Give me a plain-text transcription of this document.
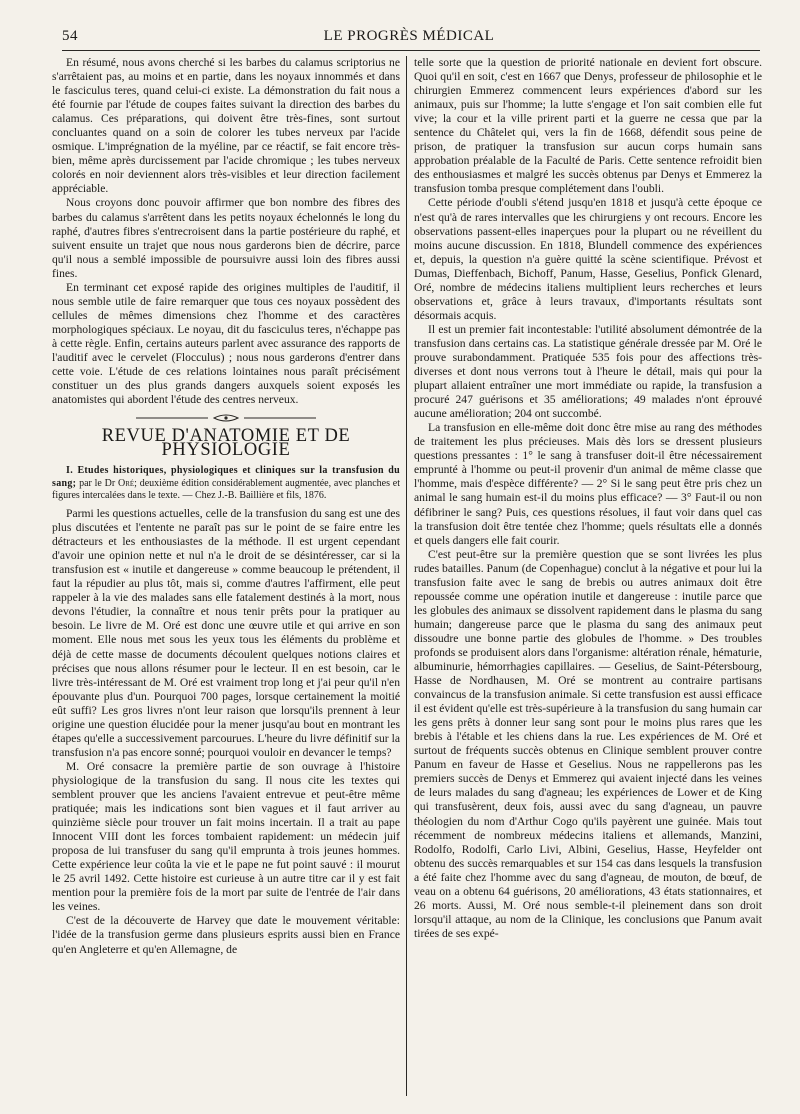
54	LE PROGRÈS MÉDICAL

En résumé, nous avons cherché si les barbes du calamus scriptorius ne s'arrêtaient pas, au moins et en partie, dans les noyaux innommés et dans le fasciculus teres, quand celui-ci existe. La démonstration du fait nous a été fournie par l'étude de coupes faites suivant la direction des barbes du calamus. Ces préparations, qui doivent être très-fines, sont surtout concluantes quand on a soin de colorer les tubes nerveux par l'acide osmique. L'imprégnation de la myéline, par ce réactif, se fait encore très-bien, même après durcissement par l'acide chromique ; les tubes nerveux colorés en noir deviennent alors très-visibles et leur direction facilement appréciable.

Nous croyons donc pouvoir affirmer que bon nombre des fibres des barbes du calamus s'arrêtent dans les petits noyaux échelonnés le long du raphé, d'autres fibres s'entrecroisent dans la partie postérieure du raphé, et suivent ensuite un trajet que nous nous garderons bien de décrire, parce qu'il nous a semblé impossible de poursuivre aussi loin des fibres aussi fines.

En terminant cet exposé rapide des origines multiples de l'auditif, il nous semble utile de faire remarquer que tous ces noyaux possèdent des cellules de mêmes dimensions chez l'homme et des caractères morphologiques spéciaux. Le noyau, dit du fasciculus teres, n'échappe pas à cette règle. Enfin, certains auteurs parlent avec assurance des rapports de l'auditif avec le cervelet (Flocculus) ; nous nous garderons d'entrer dans cette voie. L'étude de ces relations lointaines nous paraît précisément constituer un des plus grands dangers auxquels soient exposés les anatomistes qui abordent l'étude des centres nerveux.

REVUE D'ANATOMIE ET DE PHYSIOLOGIE

I. Etudes historiques, physiologiques et cliniques sur la transfusion du sang; par le Dr Oré; deuxième édition considérablement augmentée, avec planches et figures intercalées dans le texte. — Chez J.-B. Baillière et fils, 1876.

Parmi les questions actuelles, celle de la transfusion du sang est une des plus discutées et l'entente ne paraît pas sur le point de se faire entre les détracteurs et les enthousiastes de la méthode. Il est urgent cependant d'avoir une opinion nette et nul n'a le droit de se désintéresser, car si la transfusion est « inutile et dangereuse » comme beaucoup le prétendent, il faut la répudier au plus tôt, mais si, comme d'autres l'affirment, elle peut rappeler à la vie des malades sans elle fatalement destinés à la mort, nous devons l'étudier, la connaître et nous tenir prêts pour la pratiquer au besoin. Le livre de M. Oré est donc une œuvre utile et qui arrive en son moment. Elle nous met sous les yeux tous les éléments du problème et déjà de cette masse de documents découlent quelques notions claires et précises que nous allons résumer pour le lecteur. Il en est besoin, car le livre très-intéressant de M. Oré est vraiment trop long et j'ai peur qu'il n'en épouvante plus d'un. Pourquoi 700 pages, lorsque certainement la moitié eût suffi? Les gros livres n'ont leur raison que lorsqu'ils prennent à leur origine une question élucidée pour la mener jusqu'au bout en montrant les étapes qu'elle a successivement parcourues. L'heure du livre définitif sur la transfusion n'a pas encore sonné; pourquoi vouloir en devancer le temps?

M. Oré consacre la première partie de son ouvrage à l'histoire physiologique de la transfusion du sang. Il nous cite les textes qui semblent prouver que les anciens l'avaient entrevue et peut-être même pratiquée; mais les indications sont bien vagues et il faut arriver au quinzième siècle pour trouver un fait moins incertain. Il a trait au pape Innocent VIII dont les forces tombaient rapidement: un médecin juif proposa de lui transfuser du sang qu'il emprunta à trois jeunes hommes. Cette expérience leur coûta la vie et le pape ne fut point sauvé : il mourut le 25 avril 1492. Cette histoire est curieuse à un autre titre car il y est fait mention pour la première fois de la mort par suite de l'entrée de l'air dans les veines.

C'est de la découverte de Harvey que date le mouvement véritable: l'idée de la transfusion germe dans plusieurs esprits aussi bien en France qu'en Angleterre et qu'en Allemagne, de

telle sorte que la question de priorité nationale en devient fort obscure. Quoi qu'il en soit, c'est en 1667 que Denys, professeur de philosophie et le chirurgien Emmerez commencent leurs expériences d'abord sur les animaux, puis sur l'homme; la lutte s'engage et l'on sait combien elle fut vive; la cour et la ville prirent parti et la guerre ne cessa que par la sentence du Châtelet qui, vers la fin de 1668, défendit sous peine de prison, de pratiquer la transfusion sur aucun corps humain sans approbation préalable de la Faculté de Paris. Cette sentence refroidit bien des enthousiasmes et malgré les succès obtenus par Denys et Emmerez la transfusion tomba presque complétement dans l'oubli.

Cette période d'oubli s'étend jusqu'en 1818 et jusqu'à cette époque ce n'est qu'à de rares intervalles que les chirurgiens y ont recours. Encore les observations passent-elles inaperçues pour la plupart ou ne réveillent du moins aucune discussion. En 1818, Blundell commence des expériences et, depuis, la question n'a guère quitté la scène scientifique. Prévost et Dumas, Dieffenbach, Bichoff, Panum, Hasse, Geselius, Ponfick Glenard, Oré, nombre de médecins italiens multiplient leurs recherches et leurs observations et, grâce à leurs travaux, d'importants résultats sont désormais acquis.

Il est un premier fait incontestable: l'utilité absolument démontrée de la transfusion dans certains cas. La statistique générale dressée par M. Oré le prouve surabondamment. Pratiquée 535 fois pour des affections très-diverses et dont nous verrons tout à l'heure le détail, mais qui pour la plupart allaient entraîner une mort immédiate ou rapide, la transfusion a procuré 247 guérisons et 35 améliorations; 49 malades n'ont éprouvé aucune amélioration; 204 ont succombé.

La transfusion en elle-même doit donc être mise au rang des méthodes de traitement les plus précieuses. Mais dès lors se dressent plusieurs questions pressantes : 1° le sang à transfuser doit-il être nécessairement emprunté à l'homme ou peut-il provenir d'un animal de même classe que l'homme, mais d'espèce différente? — 2° Si le sang peut être pris chez un animal le sang humain est-il du moins plus efficace? — 3° Faut-il ou non défibriner le sang? Puis, ces questions résolues, il faut voir dans quel cas la transfusion doit être tentée chez l'homme; quels résultats elle a donnés et quels dangers elle fait courir.

C'est peut-être sur la première question que se sont livrées les plus rudes batailles. Panum (de Copenhague) conclut à la négative et pour lui la transfusion faite avec le sang de brebis ou autres animaux doit être repoussée comme une opération inutile et dangereuse : inutile parce que les globules des animaux se dissolvent rapidement dans le plasma du sang humain; dangereuse parce que le plasma du sang des animaux peut dissoudre une bonne partie des globules de l'homme. » Des troubles profonds se produisent alors dans l'organisme: altération rénale, hématurie, albuminurie, hémorrhagies capillaires. — Geselius, de Saint-Pétersbourg, Hasse de Nordhausen, M. Oré se montrent au contraire partisans convaincus de la transfusion animale. Si cette transfusion est aussi efficace il est évident qu'elle est très-supérieure à la transfusion du sang humain car les gens prêts à donner leur sang sont pour le moins plus rares que les brebis à l'étable et les chiens dans la rue. Les expériences de M. Oré et surtout de fréquents succès obtenus en Clinique semblent prouver contre Panum en faveur de Hasse et Geselius. Nous ne rappellerons pas les premiers succès de Denys et Emmerez qui avaient injecté dans les veines de leurs malades du sang d'agneau; les expériences de Lower et de King qui transfusèrent, deux fois, aussi avec du sang d'agneau, un pauvre théologien du nom d'Arthur Cogo qu'ils payèrent une guinée. Mais tout récemment de nombreux médecins italiens et allemands, Manzini, Rodolfo, Rodolfi, Carlo Livi, Albini, Geselius, Hasse, Heyfelder ont obtenu des succès remarquables et sur 154 cas dans lesquels la transfusion a été faite chez l'homme avec du sang d'agneau, de mouton, de bœuf, de veau on a obtenu 64 guérisons, 20 améliorations, 43 états stationnaires, et 26 morts. Aussi, M. Oré nous semble-t-il pleinement dans son droit lorsqu'il attaque, au nom de la Clinique, les conclusions que Panum avait tirées de ses expé-
